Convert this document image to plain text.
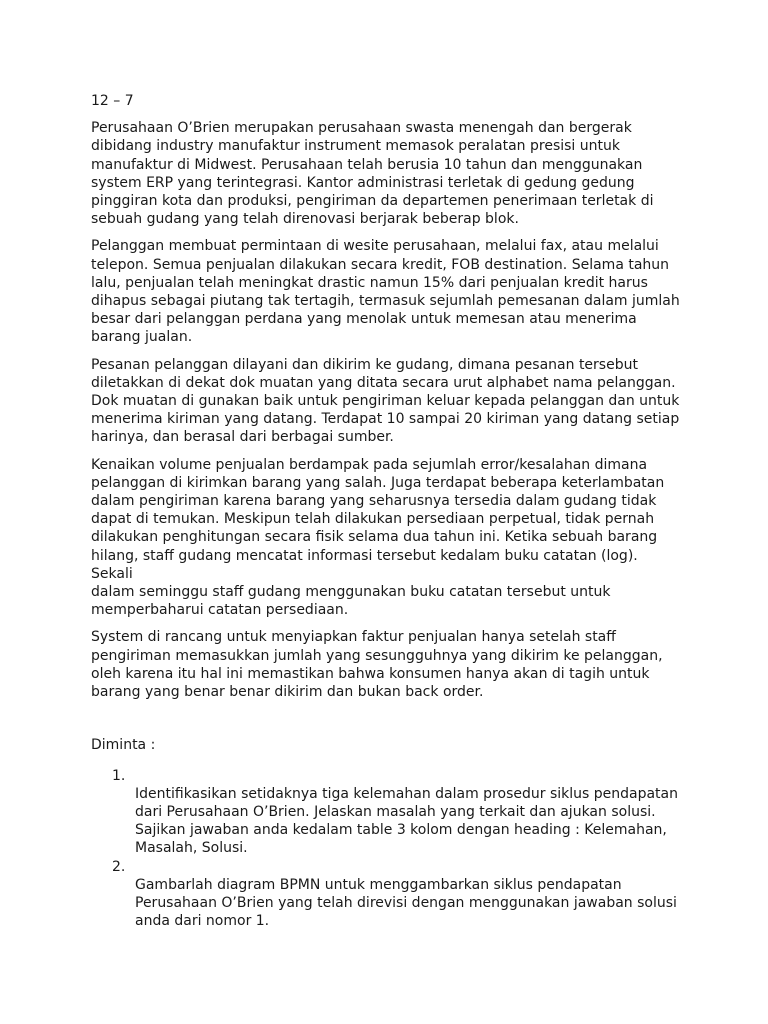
12 – 7
Perusahaan O’Brien merupakan perusahaan swasta menengah dan bergerak
dibidang industry manufaktur instrument memasok peralatan presisi untuk
manufaktur di Midwest. Perusahaan telah berusia 10 tahun dan menggunakan
system ERP yang terintegrasi. Kantor administrasi terletak di gedung gedung
pinggiran kota dan produksi, pengiriman da departemen penerimaan terletak di
sebuah gudang yang telah direnovasi berjarak beberap blok.
Pelanggan membuat permintaan di wesite perusahaan, melalui fax, atau melalui
telepon. Semua penjualan dilakukan secara kredit, FOB destination. Selama tahun
lalu, penjualan telah meningkat drastic namun 15% dari penjualan kredit harus
dihapus sebagai piutang tak tertagih, termasuk sejumlah pemesanan dalam jumlah
besar dari pelanggan perdana yang menolak untuk memesan atau menerima
barang jualan.
Pesanan pelanggan dilayani dan dikirim ke gudang, dimana pesanan tersebut
diletakkan di dekat dok muatan yang ditata secara urut alphabet nama pelanggan.
Dok muatan di gunakan baik untuk pengiriman keluar kepada pelanggan dan untuk
menerima kiriman yang datang. Terdapat 10 sampai 20 kiriman yang datang setiap
harinya, dan berasal dari berbagai sumber.
Kenaikan volume penjualan berdampak pada sejumlah error/kesalahan dimana
pelanggan di kirimkan barang yang salah. Juga terdapat beberapa keterlambatan
dalam pengiriman karena barang yang seharusnya tersedia dalam gudang tidak
dapat di temukan. Meskipun telah dilakukan persediaan perpetual, tidak pernah
dilakukan penghitungan secara fisik selama dua tahun ini. Ketika sebuah barang
hilang, staff gudang mencatat informasi tersebut kedalam buku catatan (log). Sekali
dalam seminggu staff gudang menggunakan buku catatan tersebut untuk
memperbaharui catatan persediaan.
System di rancang untuk menyiapkan faktur penjualan hanya setelah staff
pengiriman memasukkan jumlah yang sesungguhnya yang dikirim ke pelanggan,
oleh karena itu hal ini memastikan bahwa konsumen hanya akan di tagih untuk
barang yang benar benar dikirim dan bukan back order.
Diminta :

1.
Identifikasikan setidaknya tiga kelemahan dalam prosedur siklus pendapatan
dari Perusahaan O’Brien. Jelaskan masalah yang terkait dan ajukan solusi.
Sajikan jawaban anda kedalam table 3 kolom dengan heading : Kelemahan,
Masalah, Solusi.

2.
Gambarlah diagram BPMN untuk menggambarkan siklus pendapatan
Perusahaan O’Brien yang telah direvisi dengan menggunakan jawaban solusi
anda dari nomor 1.
